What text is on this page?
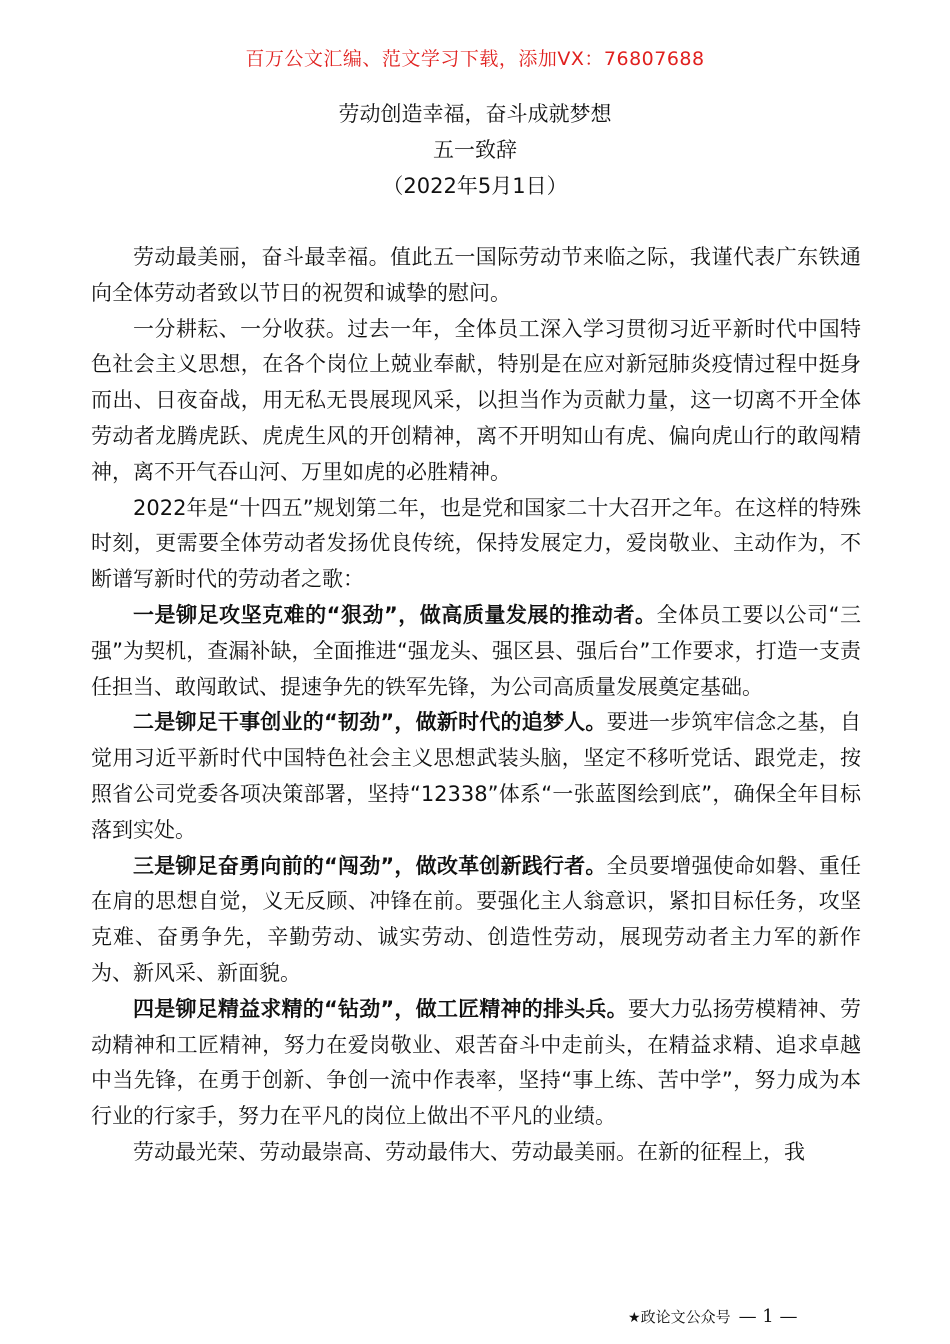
百万公文汇编、范文学习下载，添加VX：76807688
劳动创造幸福，奋斗成就梦想
五一致辞
（2022年5月1日）

劳动最美丽，奋斗最幸福。值此五一国际劳动节来临之际，我谨代表广东铁通向全体劳动者致以节日的祝贺和诚挚的慰问。

一分耕耘、一分收获。过去一年，全体员工深入学习贯彻习近平新时代中国特色社会主义思想，在各个岗位上兢业奉献，特别是在应对新冠肺炎疫情过程中挺身而出、日夜奋战，用无私无畏展现风采，以担当作为贡献力量，这一切离不开全体劳动者龙腾虎跃、虎虎生风的开创精神，离不开明知山有虎、偏向虎山行的敢闯精神，离不开气吞山河、万里如虎的必胜精神。

2022年是“十四五”规划第二年，也是党和国家二十大召开之年。在这样的特殊时刻，更需要全体劳动者发扬优良传统，保持发展定力，爱岗敬业、主动作为，不断谱写新时代的劳动者之歌：

一是铆足攻坚克难的“狠劲”，做高质量发展的推动者。全体员工要以公司“三强”为契机，查漏补缺，全面推进“强龙头、强区县、强后台”工作要求，打造一支责任担当、敢闯敢试、提速争先的铁军先锋，为公司高质量发展奠定基础。

二是铆足干事创业的“韧劲”，做新时代的追梦人。要进一步筑牢信念之基，自觉用习近平新时代中国特色社会主义思想武装头脑，坚定不移听党话、跟党走，按照省公司党委各项决策部署，坚持“12338”体系“一张蓝图绘到底”，确保全年目标落到实处。

三是铆足奋勇向前的“闯劲”，做改革创新践行者。全员要增强使命如磐、重任在肩的思想自觉，义无反顾、冲锋在前。要强化主人翁意识，紧扣目标任务，攻坚克难、奋勇争先，辛勤劳动、诚实劳动、创造性劳动，展现劳动者主力军的新作为、新风采、新面貌。

四是铆足精益求精的“钻劲”，做工匠精神的排头兵。要大力弘扬劳模精神、劳动精神和工匠精神，努力在爱岗敬业、艰苦奋斗中走前头，在精益求精、追求卓越中当先锋，在勇于创新、争创一流中作表率，坚持“事上练、苦中学”，努力成为本行业的行家手，努力在平凡的岗位上做出不平凡的业绩。

劳动最光荣、劳动最崇高、劳动最伟大、劳动最美丽。在新的征程上，我

★政论文公众号 — 1 —
